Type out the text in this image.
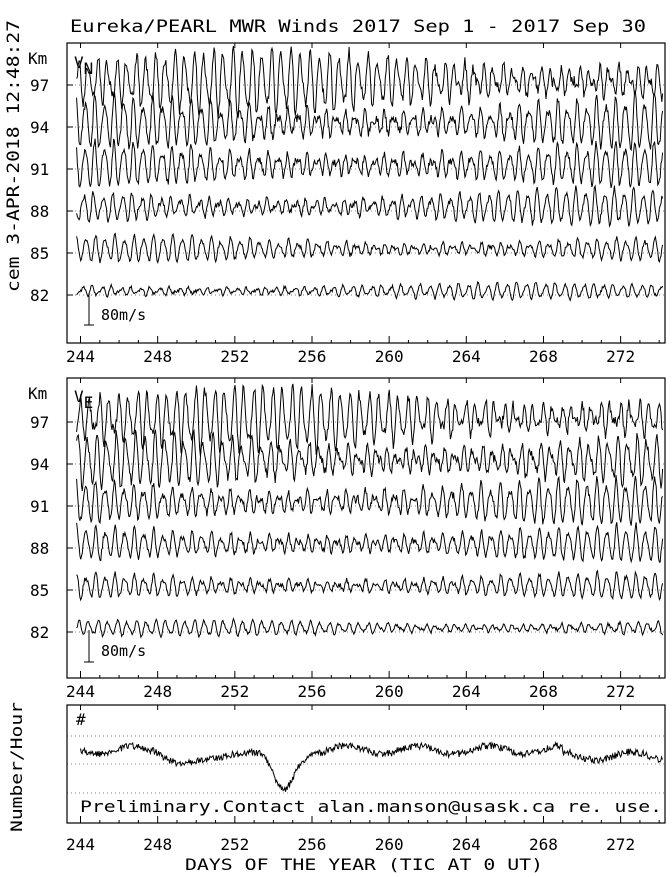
Eureka/PEARL MWR Winds 2017 Sep 1 - 2017 Sep 30
cem 3-APR-2018 12:48:27 Km VN
82
85
88
91
94
97
80m/s
244	248	252	256	260	264	268	272
Km VE
82
85
88
91
94
97
80m/s
244	248	252	256	260	264	268	272
Number/Hour
#
Preliminary.Contact alan.manson@usask.ca re. use.
244	248	252	256	260	264	268	272
DAYS OF THE YEAR (TIC AT 0 UT)
